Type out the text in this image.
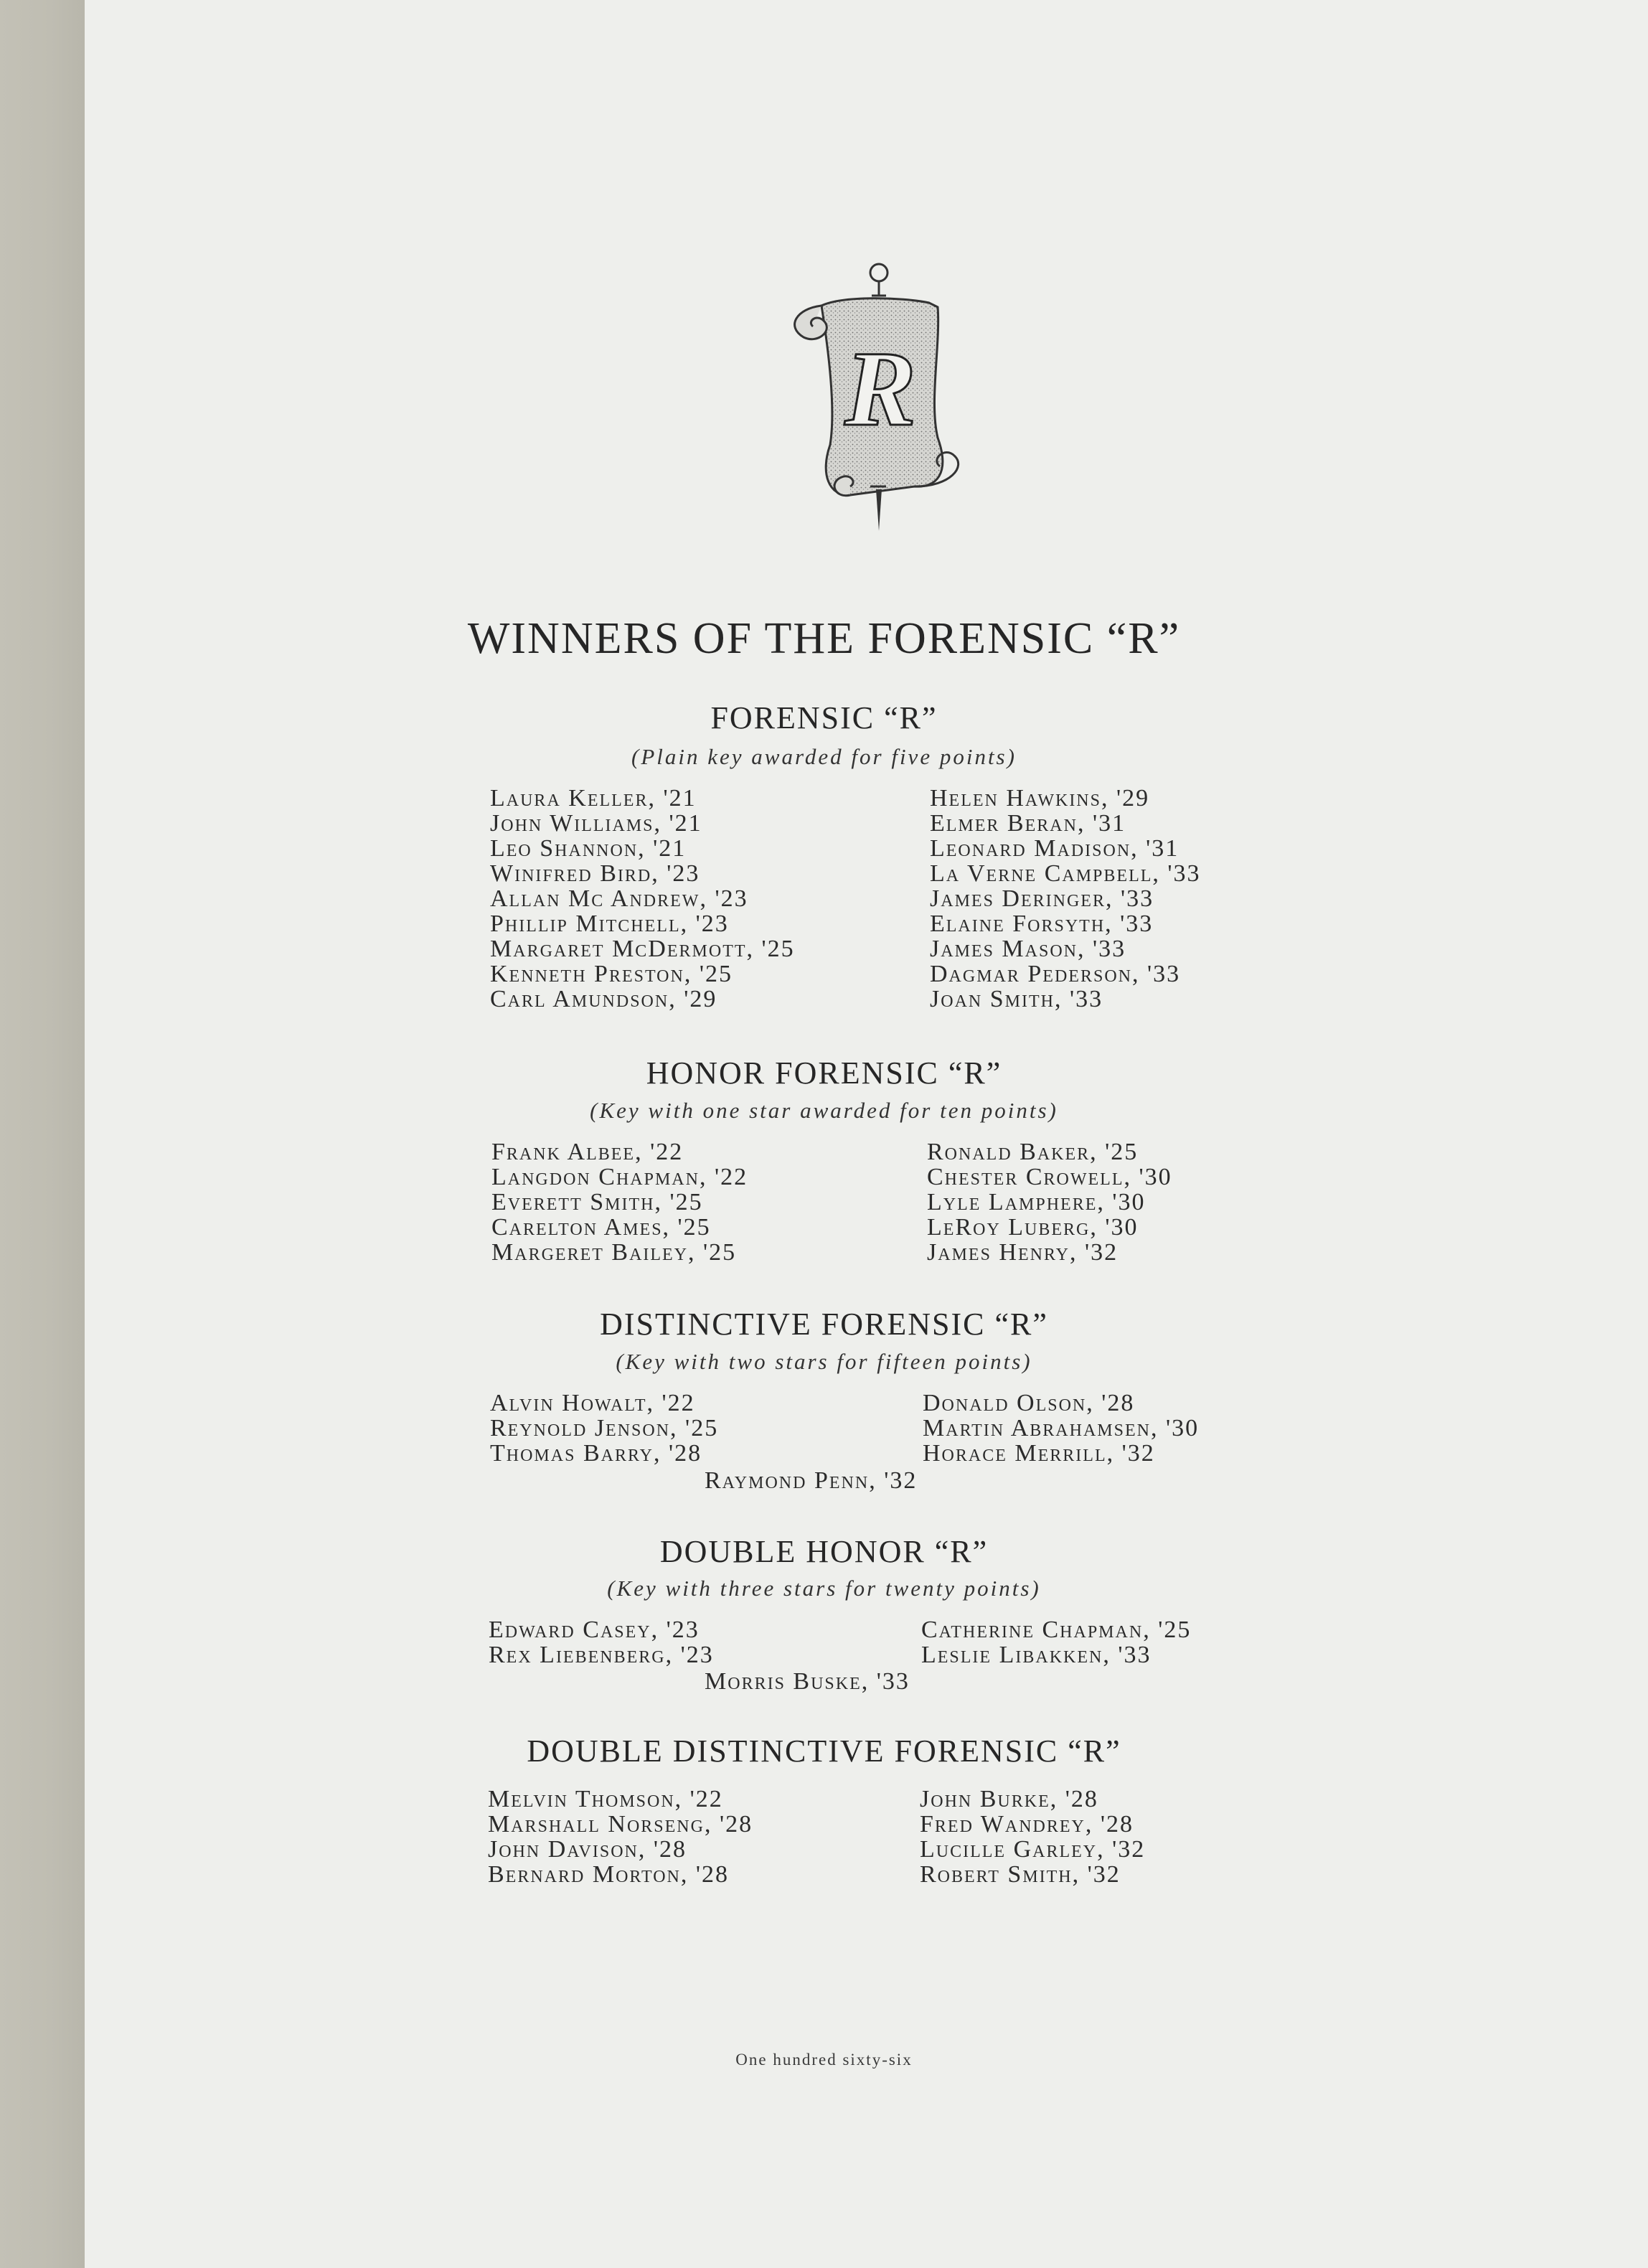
R
WINNERS OF THE FORENSIC “R”
FORENSIC “R”
(Plain key awarded for five points)
Laura Keller, '21
John Williams, '21
Leo Shannon, '21
Winifred Bird, '23
Allan Mc Andrew, '23
Phillip Mitchell, '23
Margaret McDermott, '25
Kenneth Preston, '25
Carl Amundson, '29
Helen Hawkins, '29
Elmer Beran, '31
Leonard Madison, '31
La Verne Campbell, '33
James Deringer, '33
Elaine Forsyth, '33
James Mason, '33
Dagmar Pederson, '33
Joan Smith, '33
HONOR FORENSIC “R”
(Key with one star awarded for ten points)
Frank Albee, '22
Langdon Chapman, '22
Everett Smith, '25
Carelton Ames, '25
Margeret Bailey, '25
Ronald Baker, '25
Chester Crowell, '30
Lyle Lamphere, '30
LeRoy Luberg, '30
James Henry, '32
DISTINCTIVE FORENSIC “R”
(Key with two stars for fifteen points)
Alvin Howalt, '22
Reynold Jenson, '25
Thomas Barry, '28
Donald Olson, '28
Martin Abrahamsen, '30
Horace Merrill, '32
Raymond Penn, '32
DOUBLE HONOR “R”
(Key with three stars for twenty points)
Edward Casey, '23
Rex Liebenberg, '23
Catherine Chapman, '25
Leslie Libakken, '33
Morris Buske, '33
DOUBLE DISTINCTIVE FORENSIC “R”
Melvin Thomson, '22
Marshall Norseng, '28
John Davison, '28
Bernard Morton, '28
John Burke, '28
Fred Wandrey, '28
Lucille Garley, '32
Robert Smith, '32
One hundred sixty-six
